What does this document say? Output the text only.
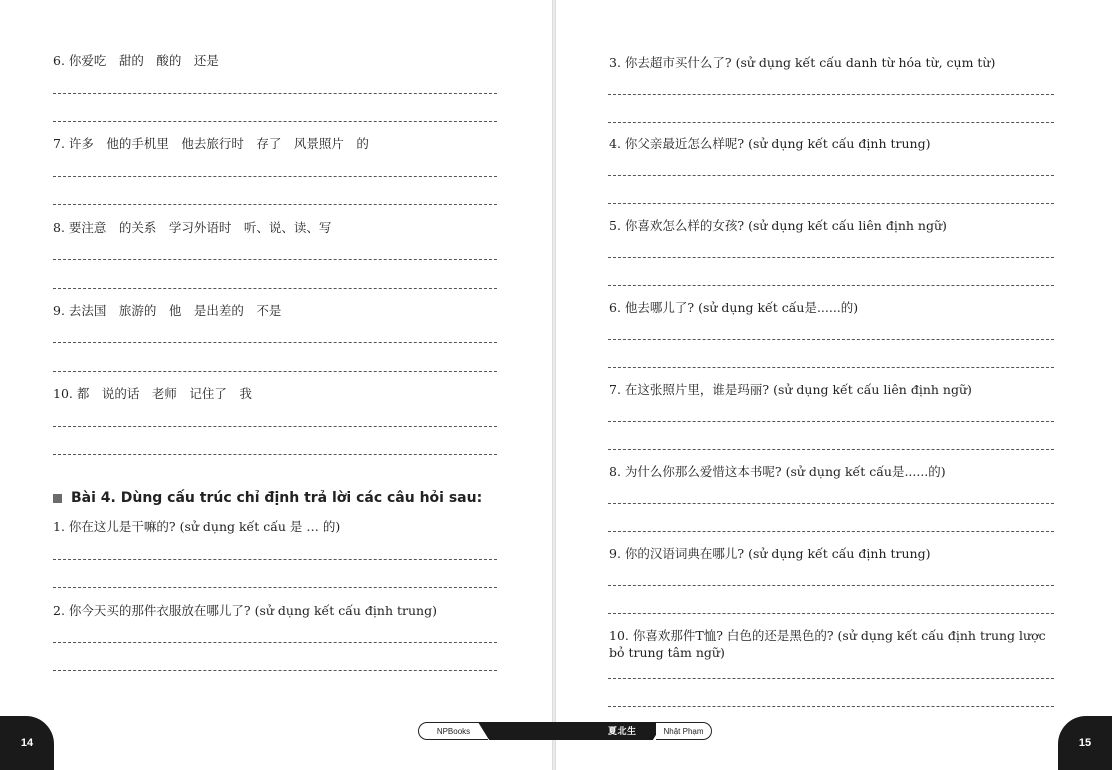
6. 你爱吃　甜的　酸的　还是
7. 许多　他的手机里　他去旅行时　存了　风景照片　的
8. 要注意　的关系　学习外语时　听、说、读、写
9. 去法国　旅游的　他　是出差的　不是
10. 都　说的话　老师　记住了　我
Bài 4. Dùng cấu trúc chỉ định trả lời các câu hỏi sau:
1. 你在这儿是干嘛的? (sử dụng kết cấu 是 … 的)
2. 你今天买的那件衣服放在哪儿了? (sử dụng kết cấu định trung)
3. 你去超市买什么了? (sử dụng kết cấu danh từ hóa từ, cụm từ)
4. 你父亲最近怎么样呢? (sử dụng kết cấu định trung)
5. 你喜欢怎么样的女孩? (sử dụng kết cấu liên định ngữ)
6. 他去哪儿了? (sử dụng kết cấu是......的)
7. 在这张照片里，谁是玛丽? (sử dụng kết cấu liên định ngữ)
8. 为什么你那么爱惜这本书呢? (sử dụng kết cấu是......的)
9. 你的汉语词典在哪儿? (sử dụng kết cấu định trung)
10. 你喜欢那件T恤? 白色的还是黑色的? (sử dụng kết cấu định trung lược bỏ trung tâm ngữ)
14	15
NPBooks	夏北生	Nhật Phạm
